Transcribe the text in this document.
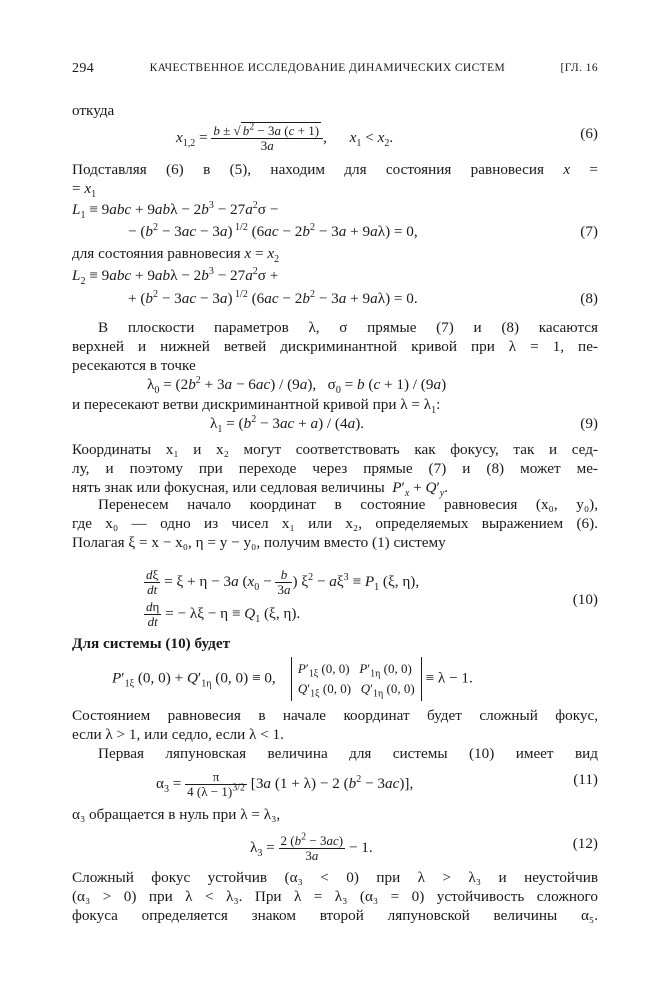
294	КАЧЕСТВЕННОЕ ИССЛЕДОВАНИЕ ДИНАМИЧЕСКИХ СИСТЕМ	[ГЛ. 16
откуда
$x_{1,2} = \frac{b \pm √ b^2 - 3a (c + 1)}{3a}$ ,      $x_1 < x_2$.	(6)
Подставляя (6) в (5), находим для состояния равновесия x =
= $x_1$
$L_1 \equiv 9abc + 9ab\lambda - 2b^3 - 27a^2\sigma$ −
− $(b^2 - 3ac - 3a)$ $^{1/2}$ $(6ac - 2b^2 - 3a + 9a\lambda) = 0$,	(7)
для состояния равновесия $x = x_2$
$L_2 \equiv 9abc + 9ab\lambda - 2b^3 - 27a^2\sigma$ +
+ $(b^2 - 3ac - 3a)$ $^{1/2}$ $(6ac - 2b^2 - 3a + 9a\lambda) = 0$.	(8)
В плоскости параметров λ, σ прямые (7) и (8) касаются
верхней и нижней ветвей дискриминантной кривой при λ = 1, пе-
ресекаются в точке
$\lambda_0 = (2b^2 + 3a - 6ac) / (9a)$,   $\sigma_0 = b$ (c + 1) / (9a)
и пересекают ветви дискриминантной кривой при $\lambda = \lambda_1$:
$\lambda_1 = (b^2 - 3ac + a) / (4a)$.	(9)
Координаты x₁ и x₂ могут соответствовать как фокусу, так и сед-
лу, и поэтому при переходе через прямые (7) и (8) может ме-
нять знак или фокусная, или седловая величины $P'_x + Q'_y$.
Перенесем начало координат в состояние равновесия (x₀, y₀),
где x₀ — одно из чисел x₁ или x₂, определяемых выражением (6).
Полагая ξ = x − x₀, η = y − y₀, получим вместо (1) систему
$\frac{d\xi}{dt} = \xi + \eta - 3a$ ($x_0 - \frac{b}{3a}$ ) $\xi^2 - a\xi^3 \equiv P_1$ (ξ, η),
$\frac{d\eta}{dt}$ = − $\lambda\xi - \eta \equiv Q_1$ (ξ, η).
(10)
Для системы (10) будет
$P'_{1\xi}$ (0, $0) + Q'_{1\eta}$ (0, 0) ≡ 0,    $P'_{1\xi}$ (0, 0)   $P'_{1\eta}$ (0, 0)
$Q'_{1\xi}$ (0, 0)   $Q'_{1\eta}$ (0, 0) ≡ λ − 1.
Состоянием равновесия в начале координат будет сложный фокус,
если λ > 1, или седло, если λ < 1.
Первая ляпуновская величина для системы (10) имеет вид
$\alpha_3 = \frac{\pi}{4 (\lambda - 1)^{3/2}} [3a$ (1 + λ) − 2 $(b^2 - 3ac)$],	(11)
α₃ обращается в нуль при λ = λ₃,
$\lambda_3 = \frac{2 (b^2 - 3ac)}{3a} - 1$.	(12)
Сложный фокус устойчив (α₃ < 0) при λ > λ₃ и неустойчив
(α₃ > 0) при λ < λ₃. При λ = λ₃ (α₃ = 0) устойчивость сложного
фокуса определяется знаком второй ляпуновской величины α₅.
